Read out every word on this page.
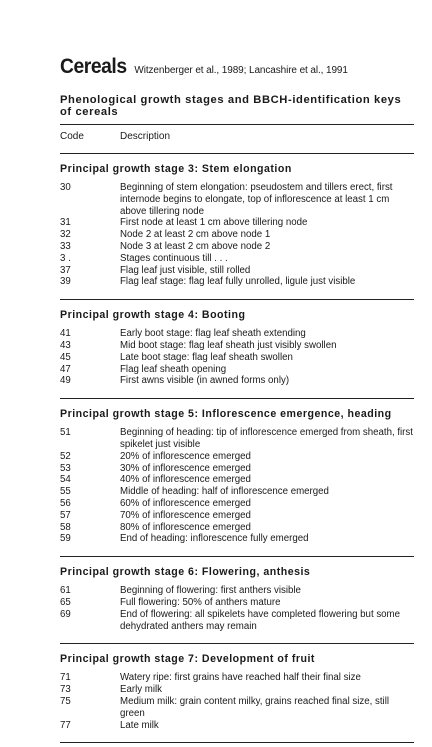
Cereals Witzenberger et al., 1989; Lancashire et al., 1991
Phenological growth stages and BBCH-identification keys of cereals
Code	Description
Principal growth stage 3: Stem elongation
30	Beginning of stem elongation: pseudostem and tillers erect, first internode begins to elongate, top of inflorescence at least 1 cm above tillering node
31	First node at least 1 cm above tillering node
32	Node 2 at least 2 cm above node 1
33	Node 3 at least 2 cm above node 2
3 .	Stages continuous till . . .
37	Flag leaf just visible, still rolled
39	Flag leaf stage: flag leaf fully unrolled, ligule just visible
Principal growth stage 4: Booting
41	Early boot stage: flag leaf sheath extending
43	Mid boot stage: flag leaf sheath just visibly swollen
45	Late boot stage: flag leaf sheath swollen
47	Flag leaf sheath opening
49	First awns visible (in awned forms only)
Principal growth stage 5: Inflorescence emergence, heading
51	Beginning of heading: tip of inflorescence emerged from sheath, first spikelet just visible
52	20% of inflorescence emerged
53	30% of inflorescence emerged
54	40% of inflorescence emerged
55	Middle of heading: half of inflorescence emerged
56	60% of inflorescence emerged
57	70% of inflorescence emerged
58	80% of inflorescence emerged
59	End of heading: inflorescence fully emerged
Principal growth stage 6: Flowering, anthesis
61	Beginning of flowering: first anthers visible
65	Full flowering: 50% of anthers mature
69	End of flowering: all spikelets have completed flowering but some dehydrated anthers may remain
Principal growth stage 7: Development of fruit
71	Watery ripe: first grains have reached half their final size
73	Early milk
75	Medium milk: grain content milky, grains reached final size, still green
77	Late milk
